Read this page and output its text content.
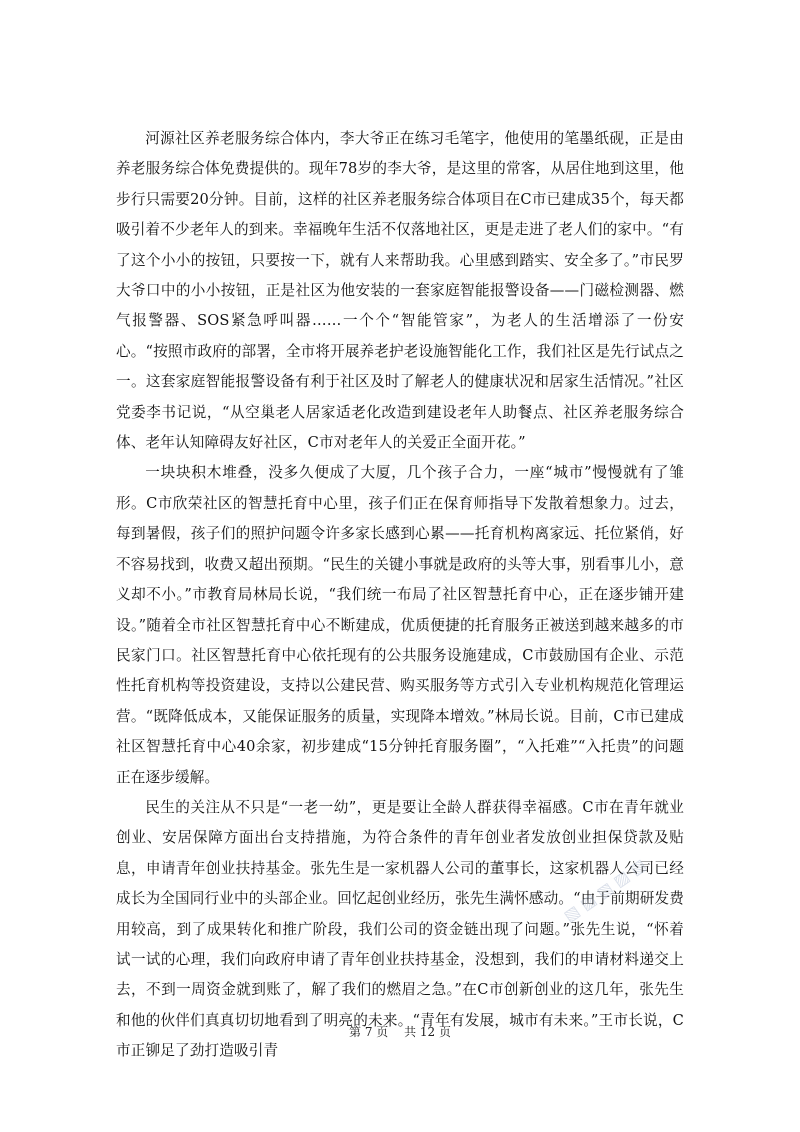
河源社区养老服务综合体内，李大爷正在练习毛笔字，他使用的笔墨纸砚，正是由养老服务综合体免费提供的。现年78岁的李大爷，是这里的常客，从居住地到这里，他步行只需要20分钟。目前，这样的社区养老服务综合体项目在C市已建成35个，每天都吸引着不少老年人的到来。幸福晚年生活不仅落地社区，更是走进了老人们的家中。“有了这个小小的按钮，只要按一下，就有人来帮助我。心里感到踏实、安全多了。”市民罗大爷口中的小小按钮，正是社区为他安装的一套家庭智能报警设备——门磁检测器、燃气报警器、SOS紧急呼叫器……一个个“智能管家”，为老人的生活增添了一份安心。“按照市政府的部署，全市将开展养老护老设施智能化工作，我们社区是先行试点之一。这套家庭智能报警设备有利于社区及时了解老人的健康状况和居家生活情况。”社区党委李书记说，“从空巢老人居家适老化改造到建设老年人助餐点、社区养老服务综合体、老年认知障碍友好社区，C市对老年人的关爱正全面开花。”

一块块积木堆叠，没多久便成了大厦，几个孩子合力，一座“城市”慢慢就有了雏形。C市欣荣社区的智慧托育中心里，孩子们正在保育师指导下发散着想象力。过去，每到暑假，孩子们的照护问题令许多家长感到心累——托育机构离家远、托位紧俏，好不容易找到，收费又超出预期。“民生的关键小事就是政府的头等大事，别看事儿小，意义却不小。”市教育局林局长说，“我们统一布局了社区智慧托育中心，正在逐步铺开建设。”随着全市社区智慧托育中心不断建成，优质便捷的托育服务正被送到越来越多的市民家门口。社区智慧托育中心依托现有的公共服务设施建成，C市鼓励国有企业、示范性托育机构等投资建设，支持以公建民营、购买服务等方式引入专业机构规范化管理运营。“既降低成本，又能保证服务的质量，实现降本增效。”林局长说。目前，C市已建成社区智慧托育中心40余家，初步建成“15分钟托育服务圈”，“入托难”“入托贵”的问题正在逐步缓解。

民生的关注从不只是“一老一幼”，更是要让全龄人群获得幸福感。C市在青年就业创业、安居保障方面出台支持措施，为符合条件的青年创业者发放创业担保贷款及贴息，申请青年创业扶持基金。张先生是一家机器人公司的董事长，这家机器人公司已经成长为全国同行业中的头部企业。回忆起创业经历，张先生满怀感动。“由于前期研发费用较高，到了成果转化和推广阶段，我们公司的资金链出现了问题。”张先生说，“怀着试一试的心理，我们向政府申请了青年创业扶持基金，没想到，我们的申请材料递交上去，不到一周资金就到账了，解了我们的燃眉之急。”在C市创新创业的这几年，张先生和他的伙伴们真真切切地看到了明亮的未来。“青年有发展，城市有未来。”王市长说，C市正铆足了劲打造吸引青

▧ ▨ ▧ ▨ ▧
第 7 页　 共 12 页
